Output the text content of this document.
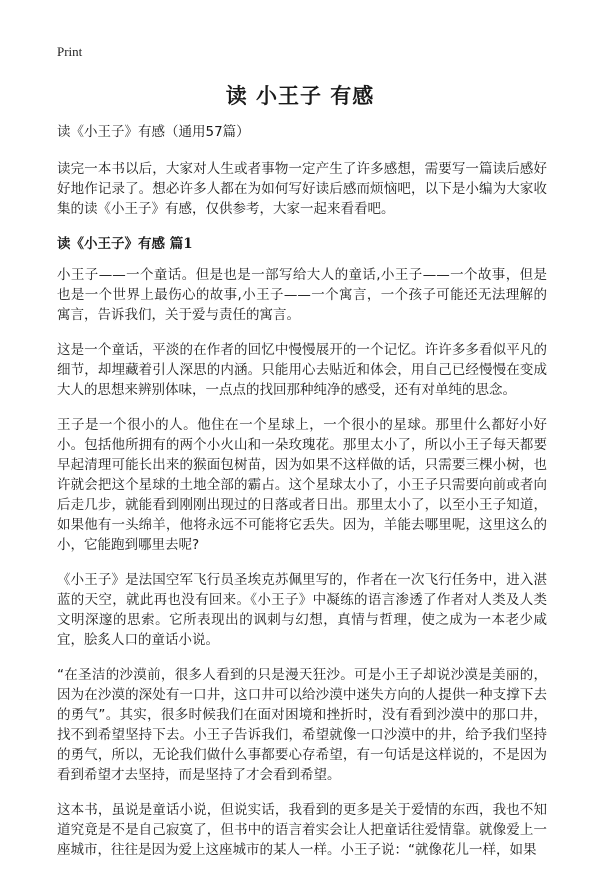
Print
读 小王子 有感
读《小王子》有感（通用57篇）

读完一本书以后，大家对人生或者事物一定产生了许多感想，需要写一篇读后感好好地作记录了。想必许多人都在为如何写好读后感而烦恼吧，以下是小编为大家收集的读《小王子》有感，仅供参考，大家一起来看看吧。

读《小王子》有感 篇1

小王子——一个童话。但是也是一部写给大人的童话,小王子——一个故事，但是也是一个世界上最伤心的故事,小王子——一个寓言，一个孩子可能还无法理解的寓言，告诉我们，关于爱与责任的寓言。

这是一个童话，平淡的在作者的回忆中慢慢展开的一个记忆。许许多多看似平凡的细节，却埋藏着引人深思的内涵。只能用心去贴近和体会，用自己已经慢慢在变成大人的思想来辨别体味，一点点的找回那种纯净的感受，还有对单纯的思念。

王子是一个很小的人。他住在一个星球上，一个很小的星球。那里什么都好小好小。包括他所拥有的两个小火山和一朵玫瑰花。那里太小了，所以小王子每天都要早起清理可能长出来的猴面包树苗，因为如果不这样做的话，只需要三棵小树，也许就会把这个星球的土地全部的霸占。这个星球太小了，小王子只需要向前或者向后走几步，就能看到刚刚出现过的日落或者日出。那里太小了，以至小王子知道，如果他有一头绵羊，他将永远不可能将它丢失。因为，羊能去哪里呢，这里这么的小，它能跑到哪里去呢?

《小王子》是法国空军飞行员圣埃克苏佩里写的，作者在一次飞行任务中，进入湛蓝的天空，就此再也没有回来。《小王子》中凝练的语言渗透了作者对人类及人类文明深邃的思索。它所表现出的讽刺与幻想，真情与哲理，使之成为一本老少咸宜，脍炙人口的童话小说。

“在圣洁的沙漠前，很多人看到的只是漫天狂沙。可是小王子却说沙漠是美丽的，因为在沙漠的深处有一口井，这口井可以给沙漠中迷失方向的人提供一种支撑下去的勇气”。其实，很多时候我们在面对困境和挫折时，没有看到沙漠中的那口井，找不到希望坚持下去。小王子告诉我们，希望就像一口沙漠中的井，给予我们坚持的勇气，所以，无论我们做什么事都要心存希望，有一句话是这样说的，不是因为看到希望才去坚持，而是坚持了才会看到希望。

这本书，虽说是童话小说，但说实话，我看到的更多是关于爱情的东西，我也不知道究竟是不是自己寂寞了，但书中的语言着实会让人把童话往爱情靠。就像爱上一座城市，往往是因为爱上这座城市的某人一样。小王子说：“就像花儿一样，如果
